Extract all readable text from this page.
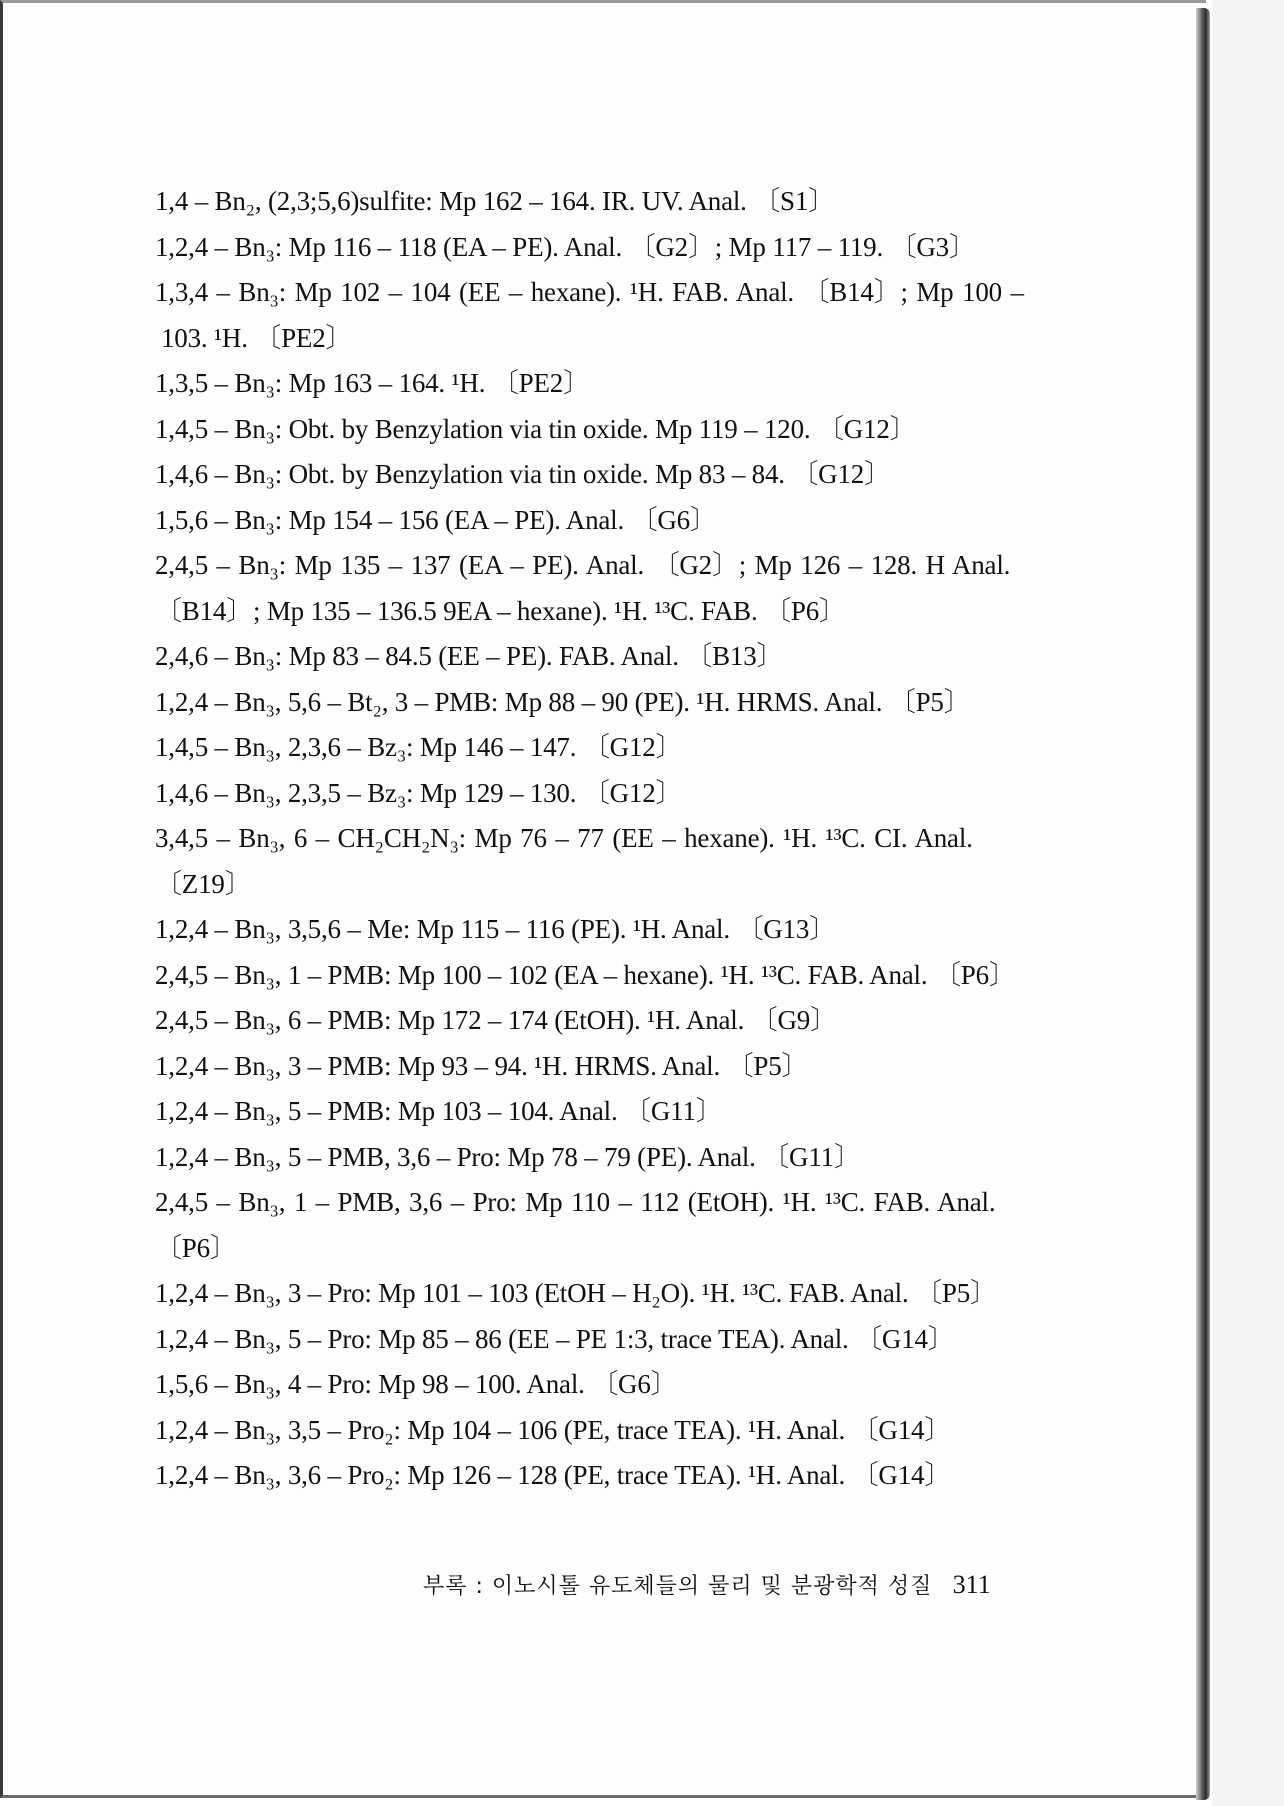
1,4 – Bn₂, (2,3;5,6)sulfite: Mp 162 – 164. IR. UV. Anal. 〔S1〕
1,2,4 – Bn₃: Mp 116 – 118 (EA – PE). Anal. 〔G2〕; Mp 117 – 119. 〔G3〕
1,3,4 – Bn₃: Mp 102 – 104 (EE – hexane). ¹H. FAB. Anal. 〔B14〕; Mp 100 –
103. ¹H. 〔PE2〕
1,3,5 – Bn₃: Mp 163 – 164. ¹H. 〔PE2〕
1,4,5 – Bn₃: Obt. by Benzylation via tin oxide. Mp 119 – 120. 〔G12〕
1,4,6 – Bn₃: Obt. by Benzylation via tin oxide. Mp 83 – 84. 〔G12〕
1,5,6 – Bn₃: Mp 154 – 156 (EA – PE). Anal. 〔G6〕
2,4,5 – Bn₃: Mp 135 – 137 (EA – PE). Anal. 〔G2〕; Mp 126 – 128. H Anal.
〔B14〕; Mp 135 – 136.5 9EA – hexane). ¹H. ¹³C. FAB. 〔P6〕
2,4,6 – Bn₃: Mp 83 – 84.5 (EE – PE). FAB. Anal. 〔B13〕
1,2,4 – Bn₃, 5,6 – Bt₂, 3 – PMB: Mp 88 – 90 (PE). ¹H. HRMS. Anal. 〔P5〕
1,4,5 – Bn₃, 2,3,6 – Bz₃: Mp 146 – 147. 〔G12〕
1,4,6 – Bn₃, 2,3,5 – Bz₃: Mp 129 – 130. 〔G12〕
3,4,5 – Bn₃, 6 – CH₂CH₂N₃: Mp 76 – 77 (EE – hexane). ¹H. ¹³C. CI. Anal.
〔Z19〕
1,2,4 – Bn₃, 3,5,6 – Me: Mp 115 – 116 (PE). ¹H. Anal. 〔G13〕
2,4,5 – Bn₃, 1 – PMB: Mp 100 – 102 (EA – hexane). ¹H. ¹³C. FAB. Anal. 〔P6〕
2,4,5 – Bn₃, 6 – PMB: Mp 172 – 174 (EtOH). ¹H. Anal. 〔G9〕
1,2,4 – Bn₃, 3 – PMB: Mp 93 – 94. ¹H. HRMS. Anal. 〔P5〕
1,2,4 – Bn₃, 5 – PMB: Mp 103 – 104. Anal. 〔G11〕
1,2,4 – Bn₃, 5 – PMB, 3,6 – Pro: Mp 78 – 79 (PE). Anal. 〔G11〕
2,4,5 – Bn₃, 1 – PMB, 3,6 – Pro: Mp 110 – 112 (EtOH). ¹H. ¹³C. FAB. Anal.
〔P6〕
1,2,4 – Bn₃, 3 – Pro: Mp 101 – 103 (EtOH – H₂O). ¹H. ¹³C. FAB. Anal. 〔P5〕
1,2,4 – Bn₃, 5 – Pro: Mp 85 – 86 (EE – PE 1:3, trace TEA). Anal. 〔G14〕
1,5,6 – Bn₃, 4 – Pro: Mp 98 – 100. Anal. 〔G6〕
1,2,4 – Bn₃, 3,5 – Pro₂: Mp 104 – 106 (PE, trace TEA). ¹H. Anal. 〔G14〕
1,2,4 – Bn₃, 3,6 – Pro₂: Mp 126 – 128 (PE, trace TEA). ¹H. Anal. 〔G14〕
부록 : 이노시톨 유도체들의 물리 및 분광학적 성질 311
